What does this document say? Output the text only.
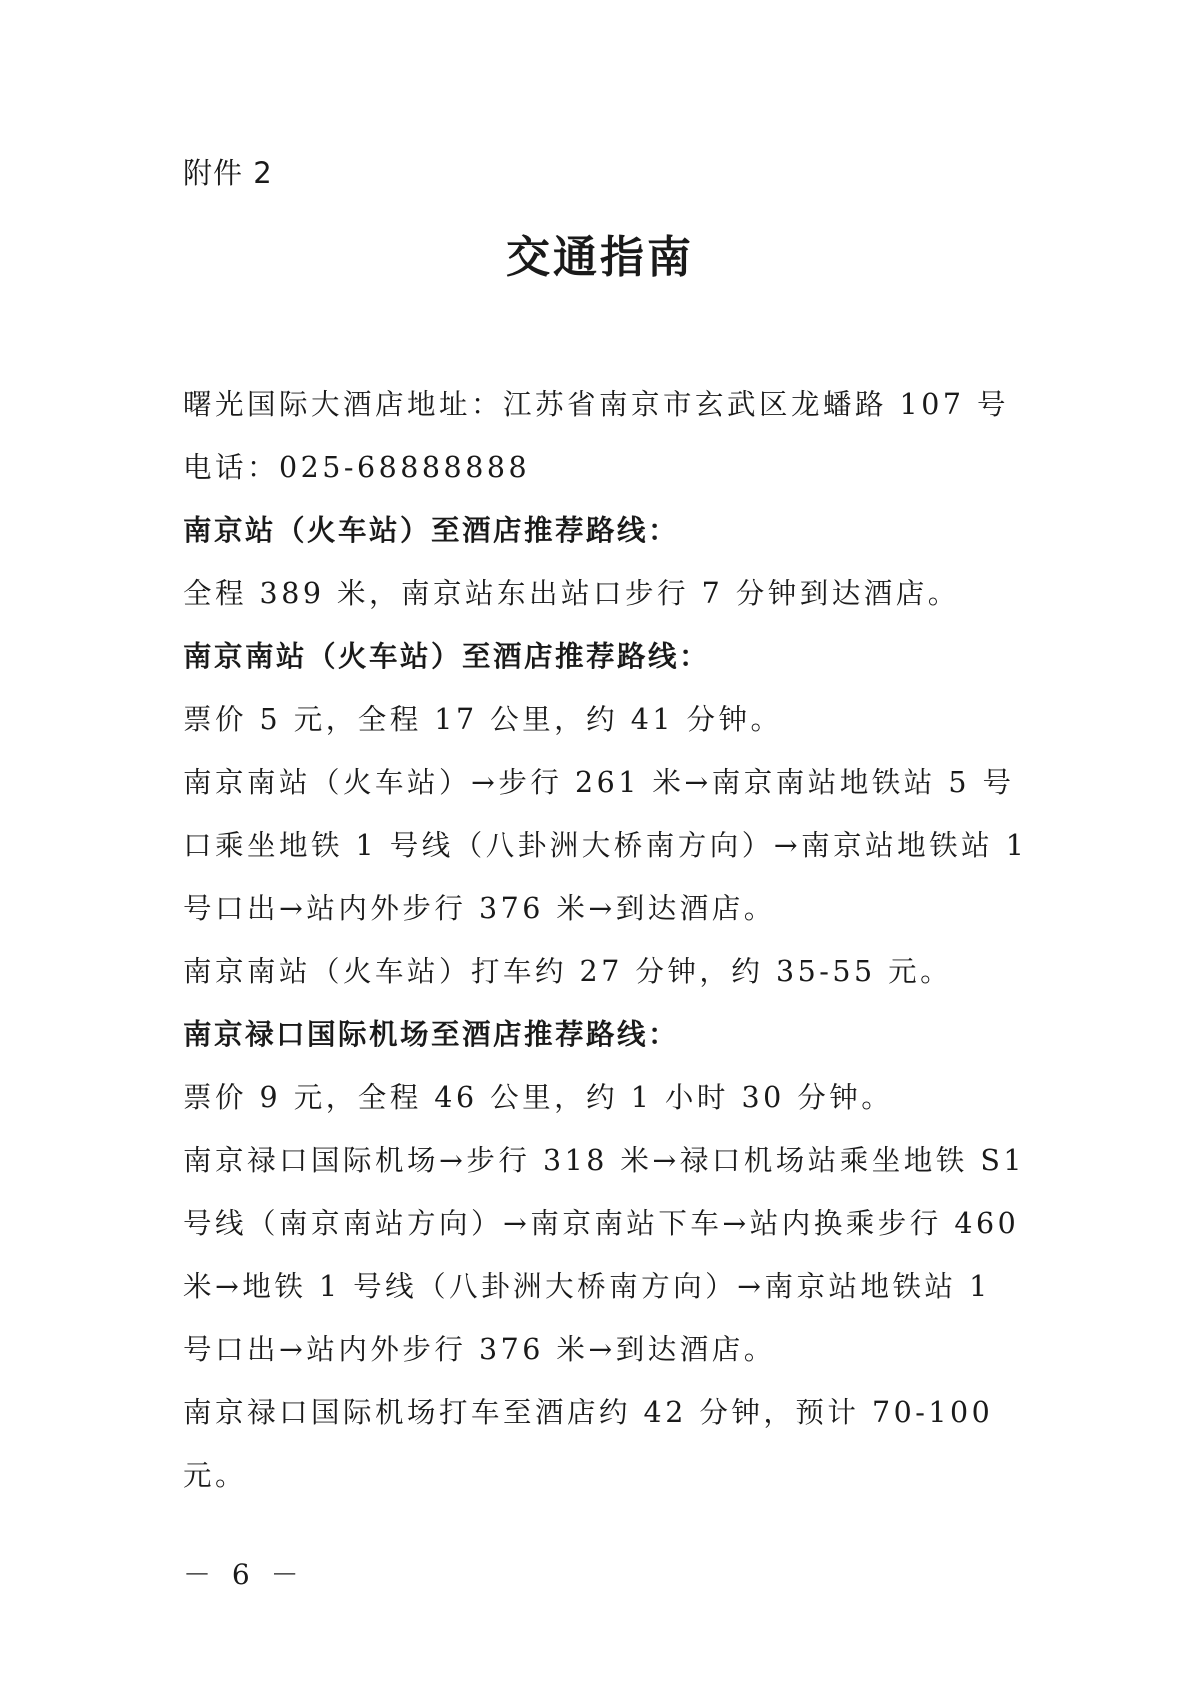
附件 2
交通指南

曙光国际大酒店地址：江苏省南京市玄武区龙蟠路 107 号

电话：025-68888888

南京站（火车站）至酒店推荐路线：

全程 389 米，南京站东出站口步行 7 分钟到达酒店。

南京南站（火车站）至酒店推荐路线：

票价 5 元，全程 17 公里，约 41 分钟。

南京南站（火车站）→步行 261 米→南京南站地铁站 5 号口乘坐地铁 1 号线（八卦洲大桥南方向）→南京站地铁站 1 号口出→站内外步行 376 米→到达酒店。

南京南站（火车站）打车约 27 分钟，约 35-55 元。

南京禄口国际机场至酒店推荐路线：

票价 9 元，全程 46 公里，约 1 小时 30 分钟。

南京禄口国际机场→步行 318 米→禄口机场站乘坐地铁 S1 号线（南京南站方向）→南京南站下车→站内换乘步行 460 米→地铁 1 号线（八卦洲大桥南方向）→南京站地铁站 1 号口出→站内外步行 376 米→到达酒店。

南京禄口国际机场打车至酒店约 42 分钟，预计 70-100 元。

－ 6 －
